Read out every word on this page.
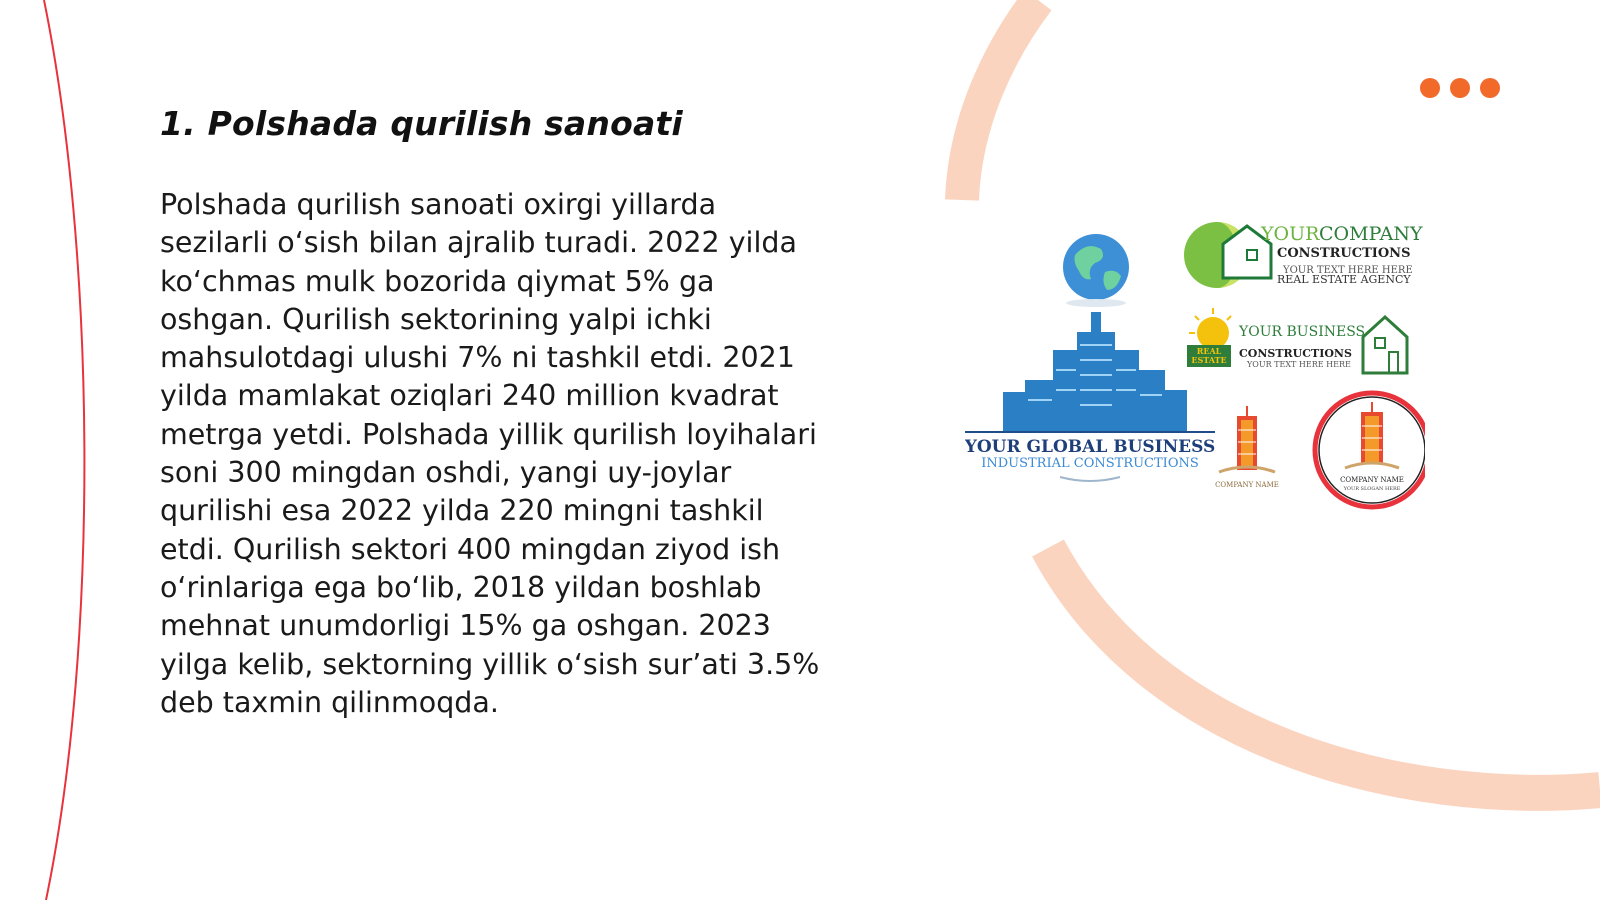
1. Polshada qurilish sanoati

Polshada qurilish sanoati oxirgi yillarda sezilarli o‘sish bilan ajralib turadi. 2022 yilda ko‘chmas mulk bozorida qiymat 5% ga oshgan. Qurilish sektorining yalpi ichki mahsulotdagi ulushi 7% ni tashkil etdi. 2021 yilda mamlakat oziqlari 240 million kvadrat metrga yetdi. Polshada yillik qurilish loyihalari soni 300 mingdan oshdi, yangi uy-joylar qurilishi esa 2022 yilda 220 mingni tashkil etdi. Qurilish sektori 400 mingdan ziyod ish o‘rinlariga ega bo‘lib, 2018 yildan boshlab mehnat unumdorligi 15% ga oshgan. 2023 yilga kelib, sektorning yillik o‘sish sur’ati 3.5% deb taxmin qilinmoqda.

YOUR GLOBAL BUSINESS
INDUSTRIAL CONSTRUCTIONS
YOUR COMPANY
CONSTRUCTIONS
YOUR TEXT HERE HERE
REAL ESTATE AGENCY
REAL
ESTATE
YOUR BUSINESS
CONSTRUCTIONS
YOUR TEXT HERE HERE
COMPANY NAME
COMPANY NAME
YOUR SLOGAN HERE
